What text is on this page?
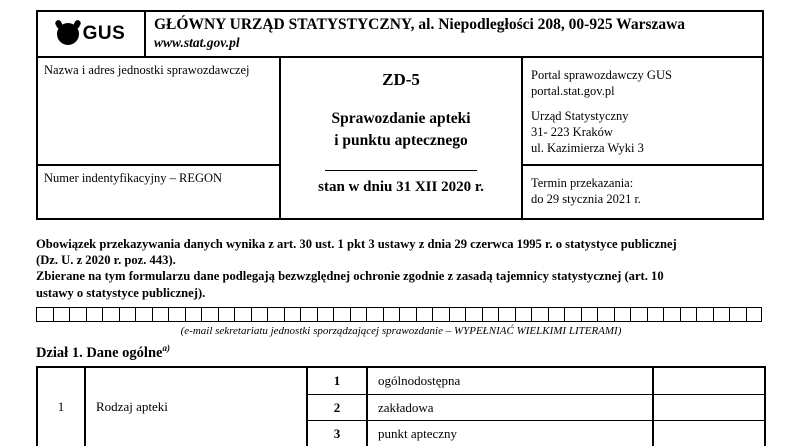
GUS GŁÓWNY URZĄD STATYSTYCZNY, al. Niepodległości 208, 00-925 Warszawa
www.stat.gov.pl
Nazwa i adres jednostki sprawozdawczej
Numer indentyfikacyjny – REGON
ZD-5
Sprawozdanie apteki
i punktu aptecznego
stan w dniu 31 XII 2020 r.
Portal sprawozdawczy GUS
portal.stat.gov.pl
Urząd Statystyczny
31- 223 Kraków
ul. Kazimierza Wyki 3
Termin przekazania:
do 29 stycznia 2021 r.
Obowiązek przekazywania danych wynika z art. 30 ust. 1 pkt 3 ustawy z dnia 29 czerwca 1995 r. o statystyce publicznej
(Dz. U. z 2020 r. poz. 443).
Zbierane na tym formularzu dane podlegają bezwzględnej ochronie zgodnie z zasadą tajemnicy statystycznej (art. 10
ustawy o statystyce publicznej).
(e-mail sekretariatu jednostki sporządzającej sprawozdanie – WYPEŁNIAĆ WIELKIMI LITERAMI)
Dział 1. Dane ogólne$^{a)}$
1	Rodzaj apteki
1	ogólnodostępna
2	zakładowa
3	punkt apteczny
